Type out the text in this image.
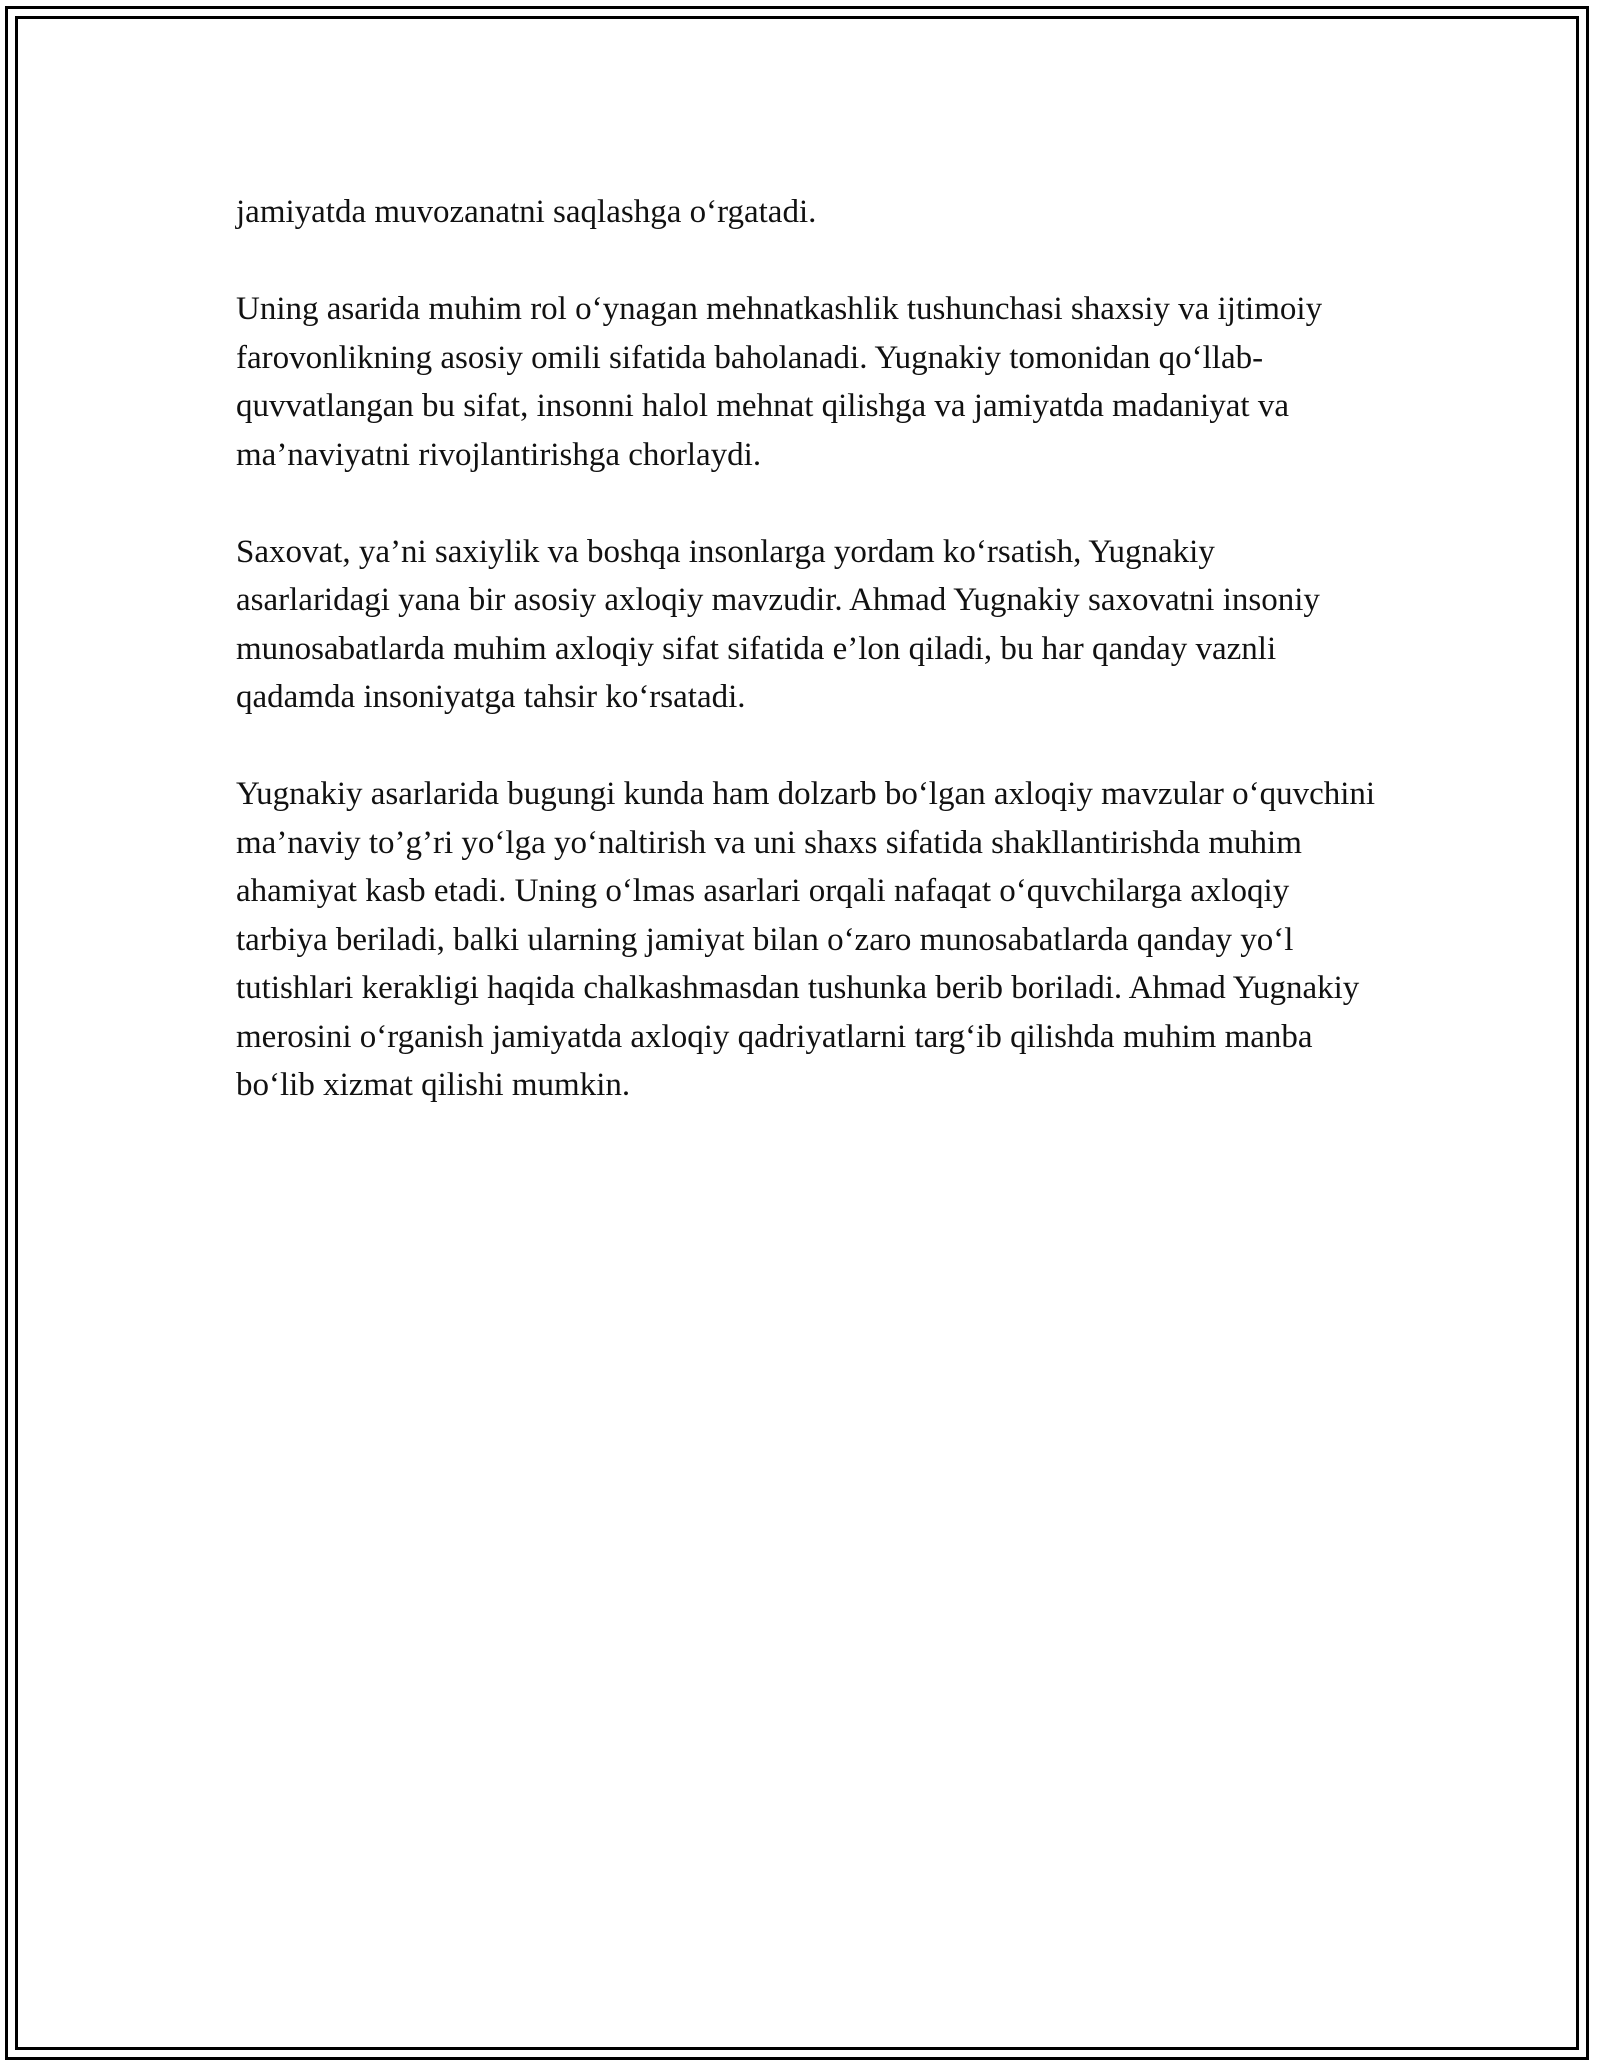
jamiyatda muvozanatni saqlashga o‘rgatadi.

Uning asarida muhim rol o‘ynagan mehnatkashlik tushunchasi shaxsiy va ijtimoiy farovonlikning asosiy omili sifatida baholanadi. Yugnakiy tomonidan qo‘llab-quvvatlangan bu sifat, insonni halol mehnat qilishga va jamiyatda madaniyat va ma’naviyatni rivojlantirishga chorlaydi.

Saxovat, ya’ni saxiylik va boshqa insonlarga yordam ko‘rsatish, Yugnakiy asarlaridagi yana bir asosiy axloqiy mavzudir. Ahmad Yugnakiy saxovatni insoniy munosabatlarda muhim axloqiy sifat sifatida e’lon qiladi, bu har qanday vaznli qadamda insoniyatga tahsir ko‘rsatadi.

Yugnakiy asarlarida bugungi kunda ham dolzarb bo‘lgan axloqiy mavzular o‘quvchini ma’naviy to’g’ri yo‘lga yo‘naltirish va uni shaxs sifatida shakllantirishda muhim ahamiyat kasb etadi. Uning o‘lmas asarlari orqali nafaqat o‘quvchilarga axloqiy tarbiya beriladi, balki ularning jamiyat bilan o‘zaro munosabatlarda qanday yo‘l tutishlari kerakligi haqida chalkashmasdan tushunka berib boriladi. Ahmad Yugnakiy merosini o‘rganish jamiyatda axloqiy qadriyatlarni targ‘ib qilishda muhim manba bo‘lib xizmat qilishi mumkin.
